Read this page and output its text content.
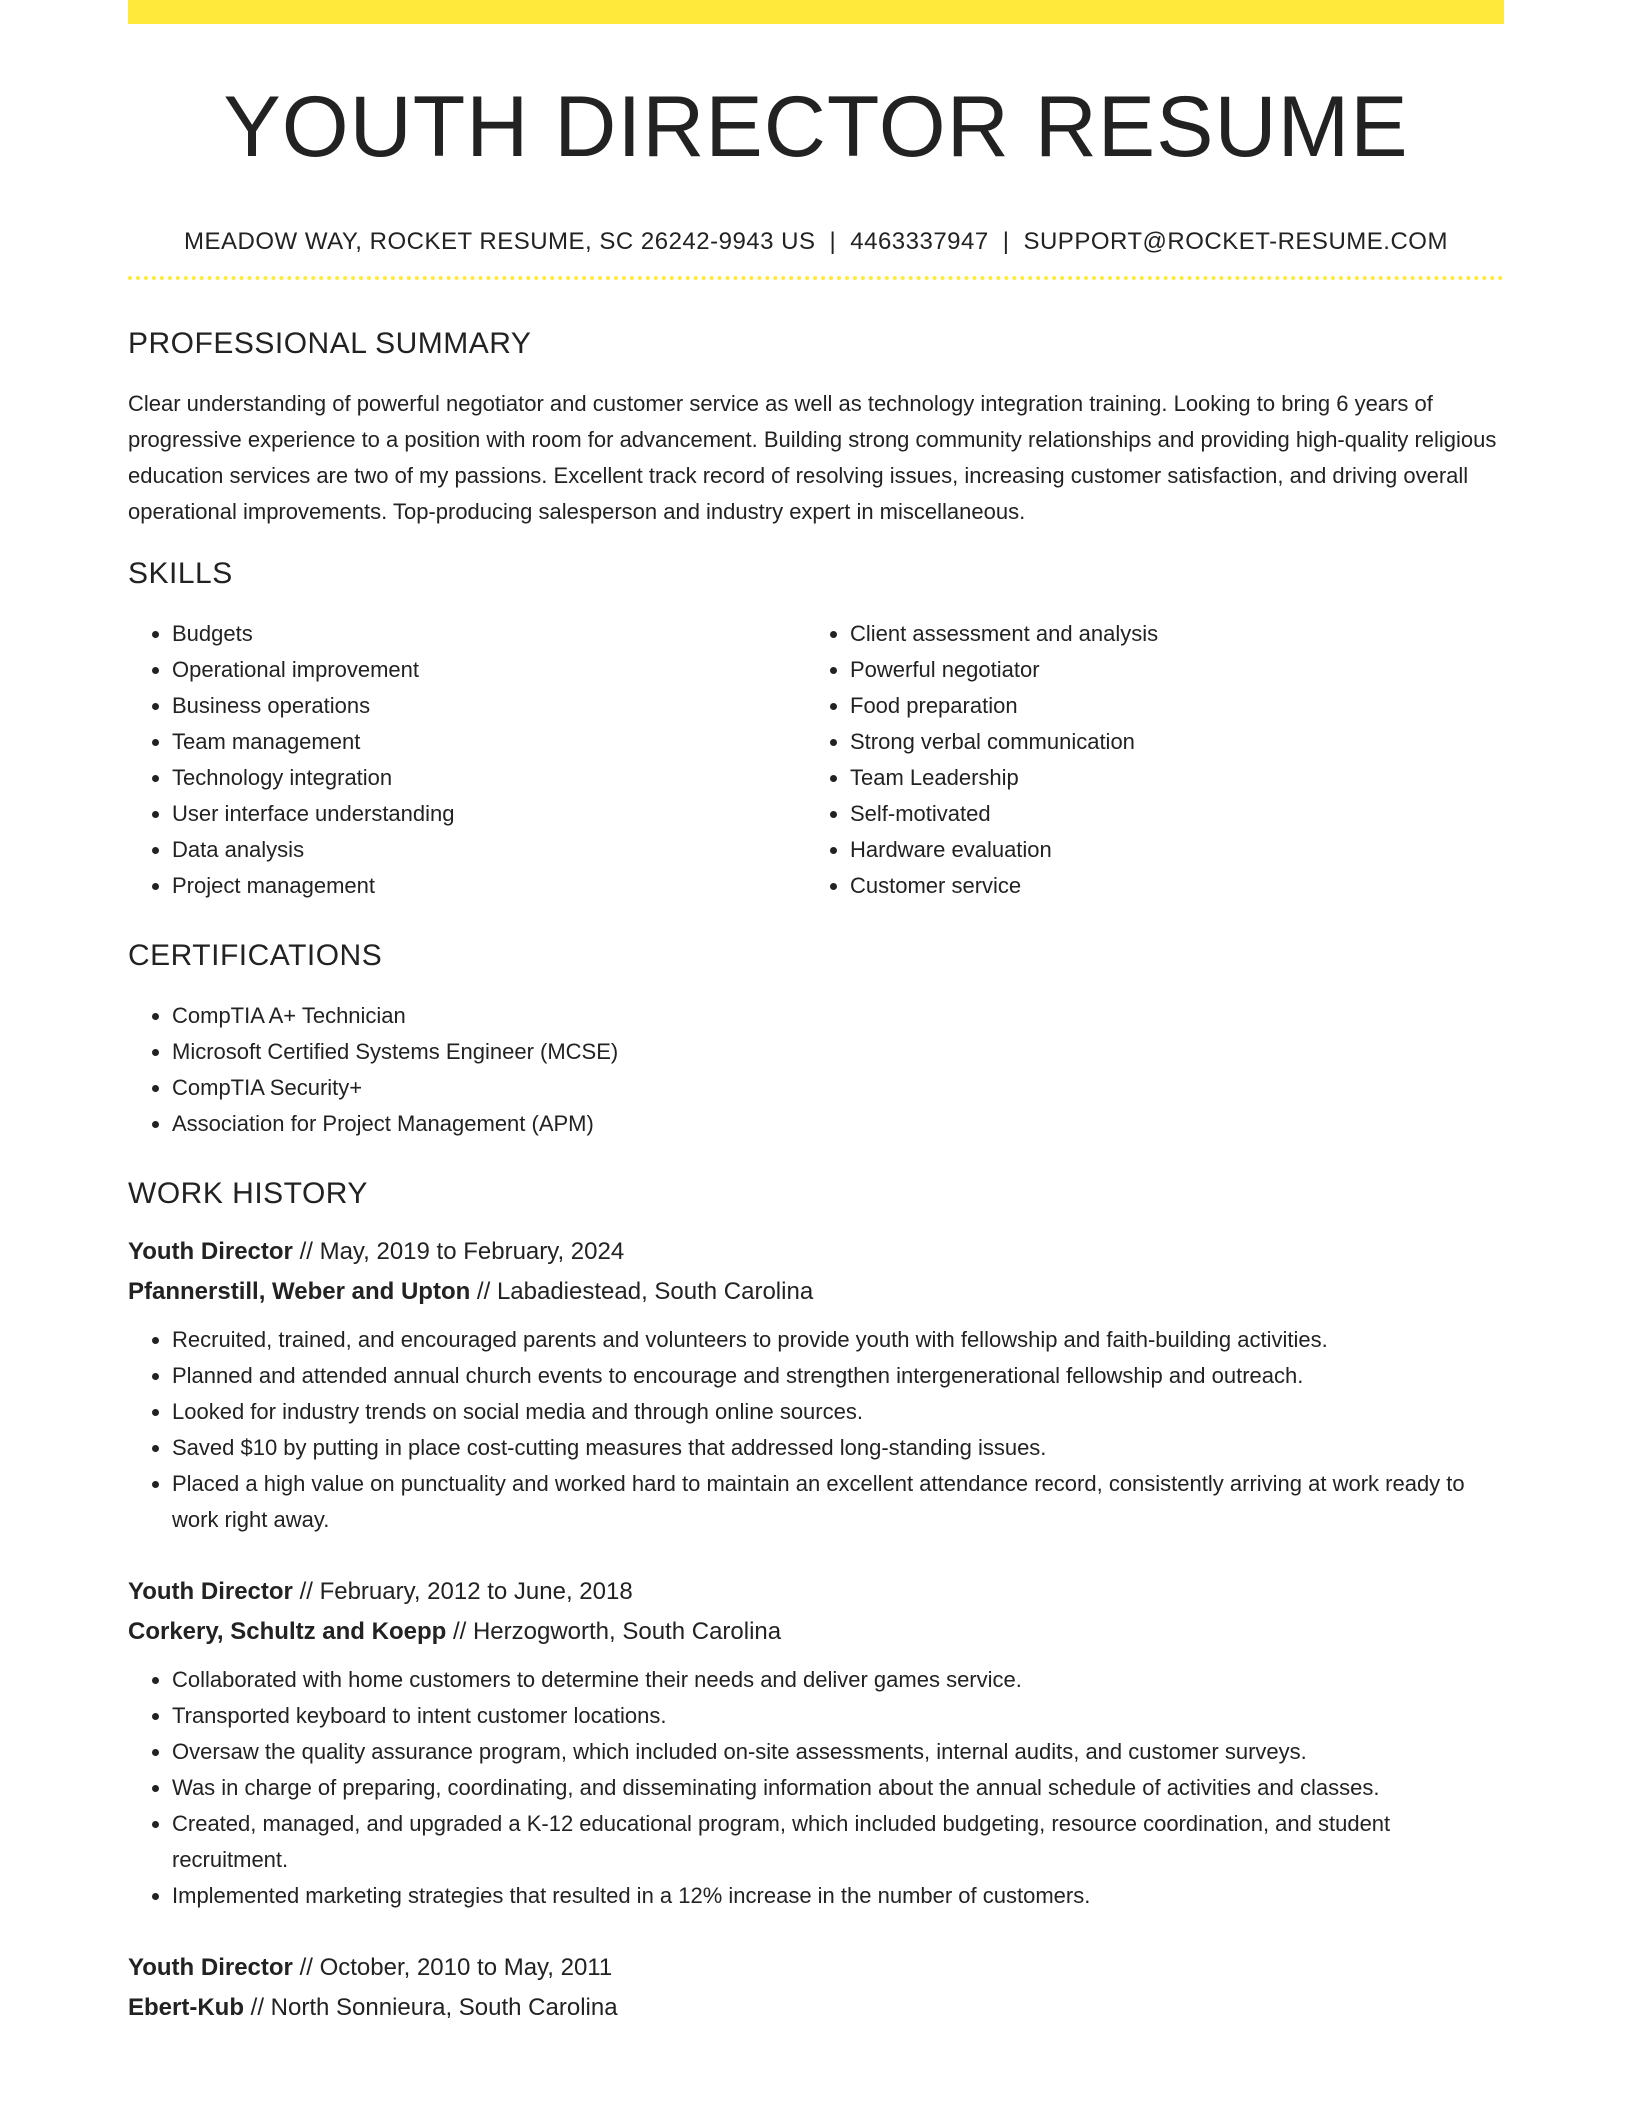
YOUTH DIRECTOR RESUME
MEADOW WAY, ROCKET RESUME, SC 26242-9943 US | 4463337947 | SUPPORT@ROCKET-RESUME.COM
PROFESSIONAL SUMMARY

Clear understanding of powerful negotiator and customer service as well as technology integration training. Looking to bring 6 years of progressive experience to a position with room for advancement. Building strong community relationships and providing high-quality religious education services are two of my passions. Excellent track record of resolving issues, increasing customer satisfaction, and driving overall operational improvements. Top-producing salesperson and industry expert in miscellaneous.

SKILLS
• Budgets
• Operational improvement
• Business operations
• Team management
• Technology integration
• User interface understanding
• Data analysis
• Project management
• Client assessment and analysis
• Powerful negotiator
• Food preparation
• Strong verbal communication
• Team Leadership
• Self-motivated
• Hardware evaluation
• Customer service
CERTIFICATIONS
• CompTIA A+ Technician
• Microsoft Certified Systems Engineer (MCSE)
• CompTIA Security+
• Association for Project Management (APM)
WORK HISTORY
Youth Director // May, 2019 to February, 2024
Pfannerstill, Weber and Upton // Labadiestead, South Carolina
• Recruited, trained, and encouraged parents and volunteers to provide youth with fellowship and faith-building activities.
• Planned and attended annual church events to encourage and strengthen intergenerational fellowship and outreach.
• Looked for industry trends on social media and through online sources.
• Saved $10 by putting in place cost-cutting measures that addressed long-standing issues.
• Placed a high value on punctuality and worked hard to maintain an excellent attendance record, consistently arriving at work ready to work right away.
Youth Director // February, 2012 to June, 2018
Corkery, Schultz and Koepp // Herzogworth, South Carolina
• Collaborated with home customers to determine their needs and deliver games service.
• Transported keyboard to intent customer locations.
• Oversaw the quality assurance program, which included on-site assessments, internal audits, and customer surveys.
• Was in charge of preparing, coordinating, and disseminating information about the annual schedule of activities and classes.
• Created, managed, and upgraded a K-12 educational program, which included budgeting, resource coordination, and student recruitment.
• Implemented marketing strategies that resulted in a 12% increase in the number of customers.
Youth Director // October, 2010 to May, 2011
Ebert-Kub // North Sonnieura, South Carolina
